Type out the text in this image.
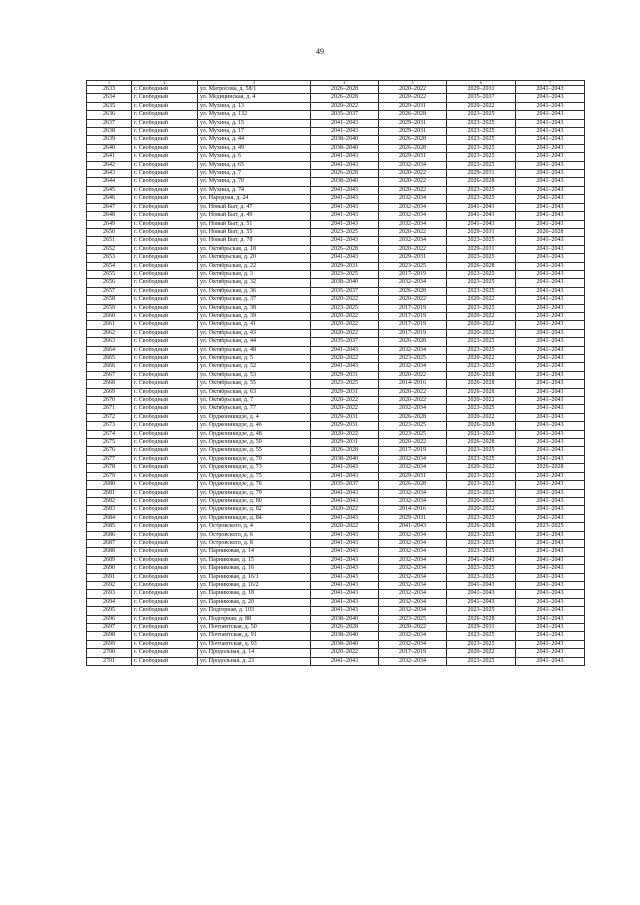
49
1	2	3	4	5	6	7
2633	г. Свободный	ул. Матросова, д. 58/1	2026–2028	2020–2022	2029–2031	2041–2043
2634	г. Свободный	ул. Медицинская, д. 4	2026–2028	2020–2022	2035–2037	2041–2043
2635	г. Свободный	ул. Мухина, д. 13	2020–2022	2029–2031	2020–2022	2041–2043
2636	г. Свободный	ул. Мухина, д. 132	2035–2037	2026–2028	2023–2025	2041–2043
2637	г. Свободный	ул. Мухина, д. 15	2041–2043	2029–2031	2023–2025	2041–2043
2638	г. Свободный	ул. Мухина, д. 17	2041–2043	2029–2031	2023–2025	2041–2043
2639	г. Свободный	ул. Мухина, д. 44	2038–2040	2026–2028	2023–2025	2041–2043
2640	г. Свободный	ул. Мухина, д. 49	2038–2040	2026–2028	2023–2025	2041–2043
2641	г. Свободный	ул. Мухина, д. 6	2041–2043	2029–2031	2023–2025	2041–2043
2642	г. Свободный	ул. Мухина, д. 65	2041–2043	2032–2034	2023–2025	2041–2043
2643	г. Свободный	ул. Мухина, д. 7	2026–2028	2020–2022	2029–2031	2041–2043
2644	г. Свободный	ул. Мухина, д. 70	2038–2040	2020–2022	2026–2028	2041–2043
2645	г. Свободный	ул. Мухина, д. 74	2041–2043	2020–2022	2023–2025	2041–2043
2646	г. Свободный	ул. Народная, д. 24	2041–2043	2032–2034	2023–2025	2041–2043
2647	г. Свободный	ул. Новый Быт, д. 47	2041–2043	2032–2034	2041–2043	2041–2043
2648	г. Свободный	ул. Новый Быт, д. 49	2041–2043	2032–2034	2041–2043	2041–2043
2649	г. Свободный	ул. Новый Быт, д. 51	2041–2043	2032–2034	2041–2043	2041–2043
2650	г. Свободный	ул. Новый Быт, д. 55	2023–2025	2020–2022	2029–2031	2026–2028
2651	г. Свободный	ул. Новый Быт, д. 78	2041–2043	2032–2034	2023–2025	2041–2043
2652	г. Свободный	ул. Октябрьская, д. 18	2026–2028	2020–2022	2029–2031	2041–2043
2653	г. Свободный	ул. Октябрьская, д. 20	2041–2043	2029–2031	2023–2025	2041–2043
2654	г. Свободный	ул. Октябрьская, д. 22	2029–2031	2023–2025	2026–2028	2041–2043
2655	г. Свободный	ул. Октябрьская, д. 3	2023–2025	2017–2019	2023–2025	2041–2043
2656	г. Свободный	ул. Октябрьская, д. 32	2038–2040	2032–2034	2023–2025	2041–2043
2657	г. Свободный	ул. Октябрьская, д. 36	2035–2037	2026–2028	2023–2025	2041–2043
2658	г. Свободный	ул. Октябрьская, д. 37	2020–2022	2020–2022	2020–2022	2041–2043
2659	г. Свободный	ул. Октябрьская, д. 38	2023–2025	2017–2019	2023–2025	2041–2043
2660	г. Свободный	ул. Октябрьская, д. 39	2020–2022	2017–2019	2020–2022	2041–2043
2661	г. Свободный	ул. Октябрьская, д. 41	2020–2022	2017–2019	2020–2022	2041–2043
2662	г. Свободный	ул. Октябрьская, д. 43	2020–2022	2017–2019	2020–2022	2041–2043
2663	г. Свободный	ул. Октябрьская, д. 44	2035–2037	2026–2028	2023–2025	2041–2043
2664	г. Свободный	ул. Октябрьская, д. 48	2041–2043	2032–2034	2023–2025	2041–2043
2665	г. Свободный	ул. Октябрьская, д. 5	2020–2022	2023–2025	2020–2022	2041–2043
2666	г. Свободный	ул. Октябрьская, д. 52	2041–2043	2032–2034	2023–2025	2041–2043
2667	г. Свободный	ул. Октябрьская, д. 53	2029–2031	2020–2022	2026–2028	2041–2043
2668	г. Свободный	ул. Октябрьская, д. 55	2023–2025	2014–2016	2026–2028	2041–2043
2669	г. Свободный	ул. Октябрьская, д. 63	2029–2031	2020–2022	2026–2028	2041–2043
2670	г. Свободный	ул. Октябрьская, д. 7	2020–2022	2020–2022	2020–2022	2041–2043
2671	г. Свободный	ул. Октябрьская, д. 77	2020–2022	2032–2034	2023–2025	2041–2043
2672	г. Свободный	ул. Орджоникидзе, д. 4	2029–2031	2026–2028	2020–2022	2041–2043
2673	г. Свободный	ул. Орджоникидзе, д. 46	2029–2031	2023–2025	2026–2028	2041–2043
2674	г. Свободный	ул. Орджоникидзе, д. 48	2020–2022	2023–2025	2023–2025	2041–2043
2675	г. Свободный	ул. Орджоникидзе, д. 50	2029–2031	2020–2022	2026–2028	2041–2043
2676	г. Свободный	ул. Орджоникидзе, д. 55	2026–2028	2017–2019	2023–2025	2041–2043
2677	г. Свободный	ул. Орджоникидзе, д. 70	2038–2040	2032–2034	2023–2025	2041–2043
2678	г. Свободный	ул. Орджоникидзе, д. 73	2041–2043	2032–2034	2020–2022	2026–2028
2679	г. Свободный	ул. Орджоникидзе, д. 75	2041–2043	2029–2031	2023–2025	2041–2043
2680	г. Свободный	ул. Орджоникидзе, д. 76	2035–2037	2026–2028	2023–2025	2041–2043
2681	г. Свободный	ул. Орджоникидзе, д. 79	2041–2043	2032–2034	2023–2025	2041–2043
2682	г. Свободный	ул. Орджоникидзе, д. 80	2041–2043	2032–2034	2020–2022	2041–2043
2683	г. Свободный	ул. Орджоникидзе, д. 82	2020–2022	2014–2016	2020–2022	2041–2043
2684	г. Свободный	ул. Орджоникидзе, д. 84	2041–2043	2029–2031	2023–2025	2041–2043
2685	г. Свободный	ул. Островского, д. 4	2020–2022	2041–2043	2026–2028	2023–2025
2686	г. Свободный	ул. Островского, д. 6	2041–2043	2032–2034	2023–2025	2041–2043
2687	г. Свободный	ул. Островского, д. 8	2041–2043	2032–2034	2023–2025	2041–2043
2688	г. Свободный	ул. Парниковая, д. 14	2041–2043	2032–2034	2023–2025	2041–2043
2689	г. Свободный	ул. Парниковая, д. 15	2041–2043	2032–2034	2041–2043	2041–2043
2690	г. Свободный	ул. Парниковая, д. 16	2041–2043	2032–2034	2023–2025	2041–2043
2691	г. Свободный	ул. Парниковая, д. 16/1	2041–2043	2032–2034	2023–2025	2041–2043
2692	г. Свободный	ул. Парниковая, д. 16/2	2041–2043	2032–2034	2041–2043	2041–2043
2693	г. Свободный	ул. Парниковая, д. 18	2041–2043	2032–2034	2041–2043	2041–2043
2694	г. Свободный	ул. Парниковая, д. 20	2041–2043	2032–2034	2041–2043	2041–2043
2695	г. Свободный	ул. Подгорная, д. 103	2041–2043	2032–2034	2023–2025	2041–2043
2696	г. Свободный	ул. Подгорная, д. 88	2038–2040	2023–2025	2026–2028	2041–2043
2697	г. Свободный	ул. Почтамтская, д. 50	2026–2028	2020–2022	2029–2031	2041–2043
2698	г. Свободный	ул. Почтамтская, д. 91	2038–2040	2032–2034	2023–2025	2041–2043
2699	г. Свободный	ул. Почтамтская, д. 93	2038–2040	2032–2034	2023–2025	2041–2043
2700	г. Свободный	ул. Продольная, д. 14	2020–2022	2017–2019	2020–2022	2041–2043
2701	г. Свободный	ул. Продольная, д. 23	2041–2043	2032–2034	2023–2025	2041–2043
